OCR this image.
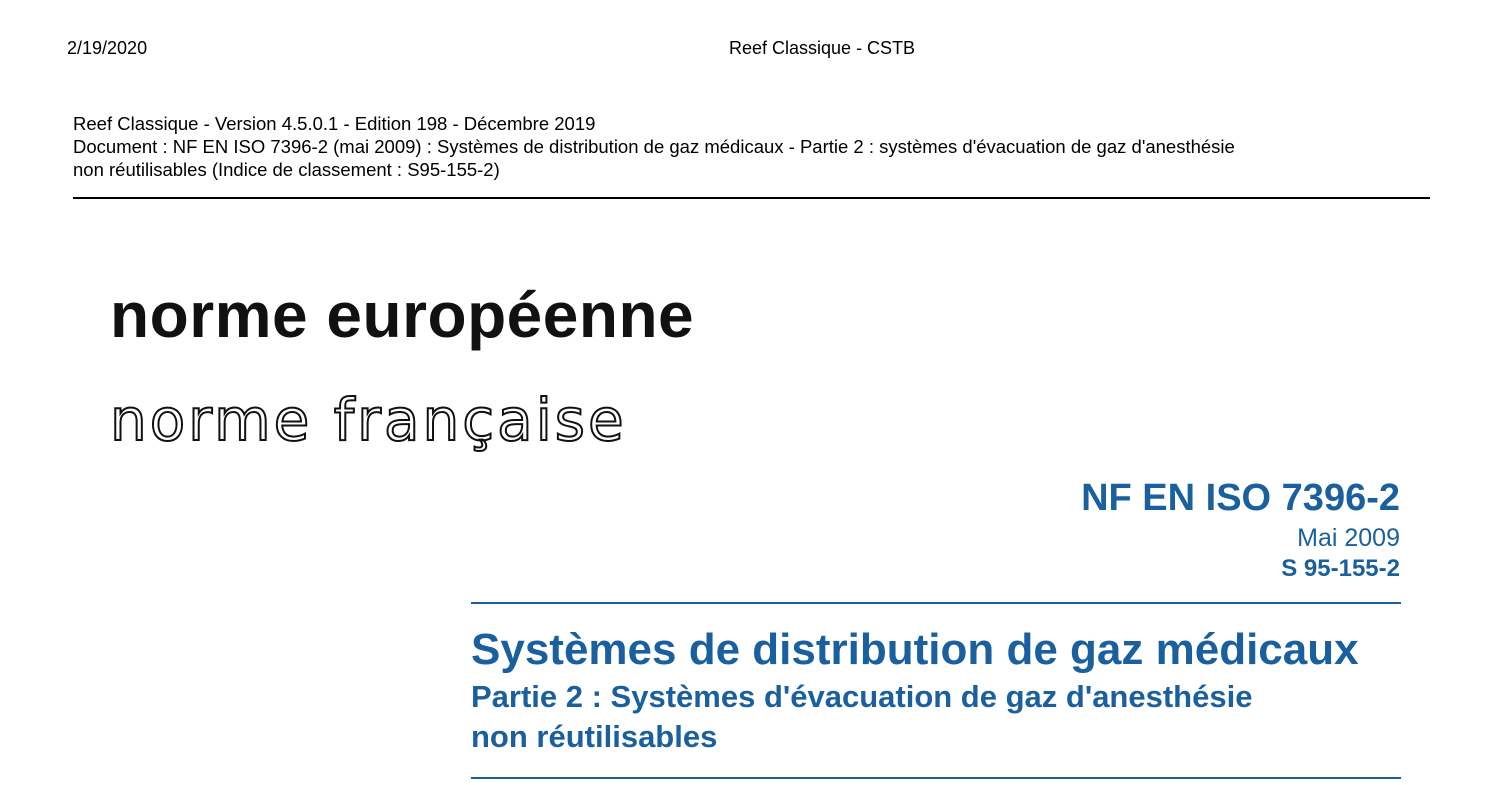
2/19/2020	Reef Classique - CSTB
Reef Classique - Version 4.5.0.1 - Edition 198 - Décembre 2019
Document : NF EN ISO 7396-2 (mai 2009) : Systèmes de distribution de gaz médicaux - Partie 2 : systèmes d'évacuation de gaz d'anesthésie
non réutilisables (Indice de classement : S95-155-2)
norme européenne
norme française
NF EN ISO 7396-2
Mai 2009
S 95-155-2
Systèmes de distribution de gaz médicaux
Partie 2 : Systèmes d'évacuation de gaz d'anesthésie
non réutilisables
